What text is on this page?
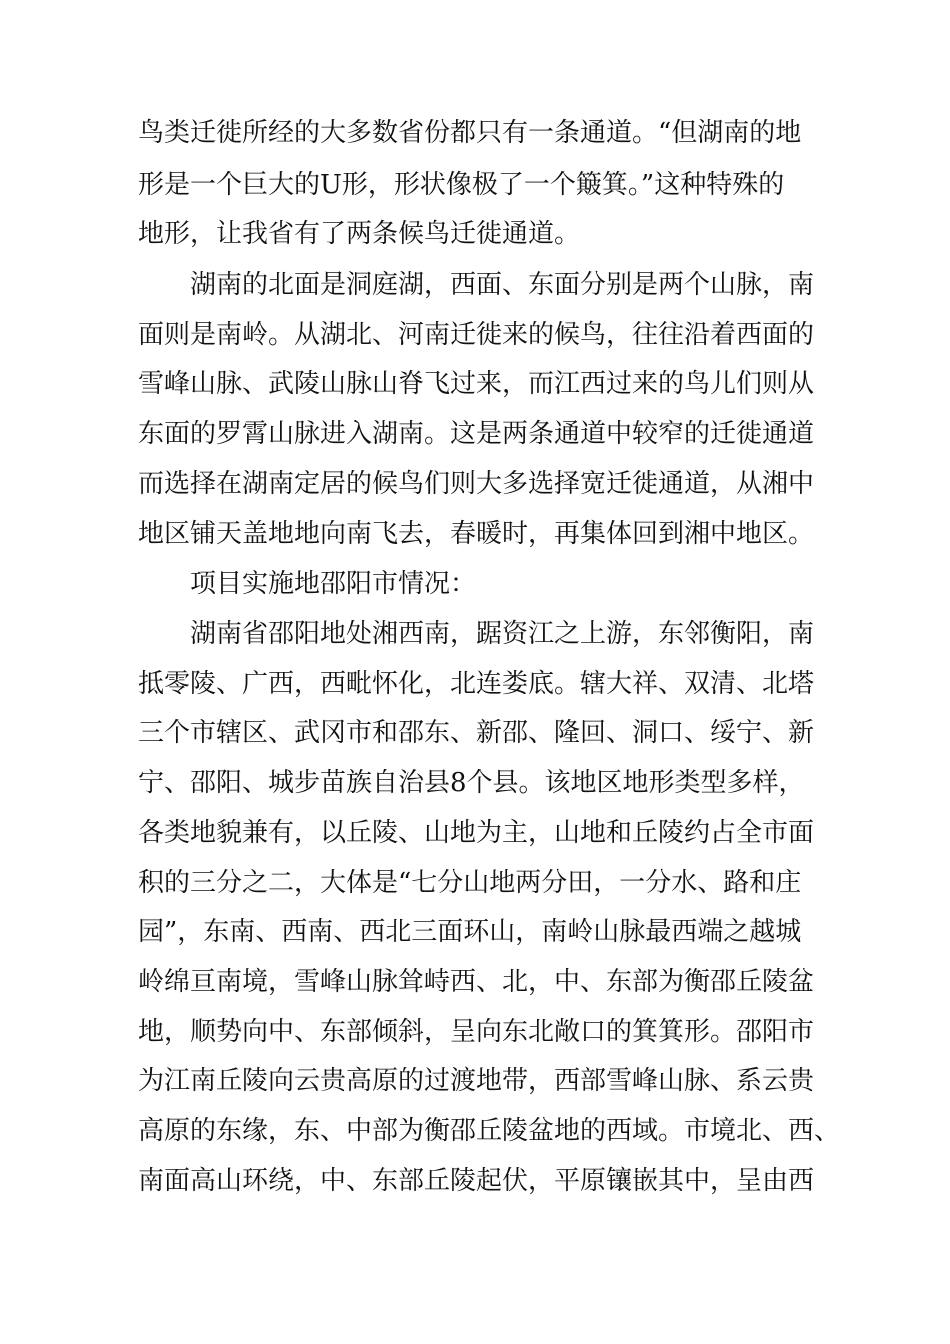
鸟类迁徙所经的大多数省份都只有一条通道。“但湖南的地
形是一个巨大的U形，形状像极了一个簸箕。”这种特殊的
地形，让我省有了两条候鸟迁徙通道。
湖南的北面是洞庭湖，西面、东面分别是两个山脉，南
面则是南岭。从湖北、河南迁徙来的候鸟，往往沿着西面的
雪峰山脉、武陵山脉山脊飞过来，而江西过来的鸟儿们则从
东面的罗霄山脉进入湖南。这是两条通道中较窄的迁徙通道
而选择在湖南定居的候鸟们则大多选择宽迁徙通道，从湘中
地区铺天盖地地向南飞去，春暖时，再集体回到湘中地区。
项目实施地邵阳市情况：
湖南省邵阳地处湘西南，踞资江之上游，东邻衡阳，南
抵零陵、广西，西毗怀化，北连娄底。辖大祥、双清、北塔
三个市辖区、武冈市和邵东、新邵、隆回、洞口、绥宁、新
宁、邵阳、城步苗族自治县8个县。该地区地形类型多样，
各类地貌兼有，以丘陵、山地为主，山地和丘陵约占全市面
积的三分之二，大体是“七分山地两分田，一分水、路和庄
园”，东南、西南、西北三面环山，南岭山脉最西端之越城
岭绵亘南境，雪峰山脉耸峙西、北，中、东部为衡邵丘陵盆
地，顺势向中、东部倾斜，呈向东北敞口的箕箕形。邵阳市
为江南丘陵向云贵高原的过渡地带，西部雪峰山脉、系云贵
高原的东缘，东、中部为衡邵丘陵盆地的西域。市境北、西、
南面高山环绕，中、东部丘陵起伏，平原镶嵌其中，呈由西
